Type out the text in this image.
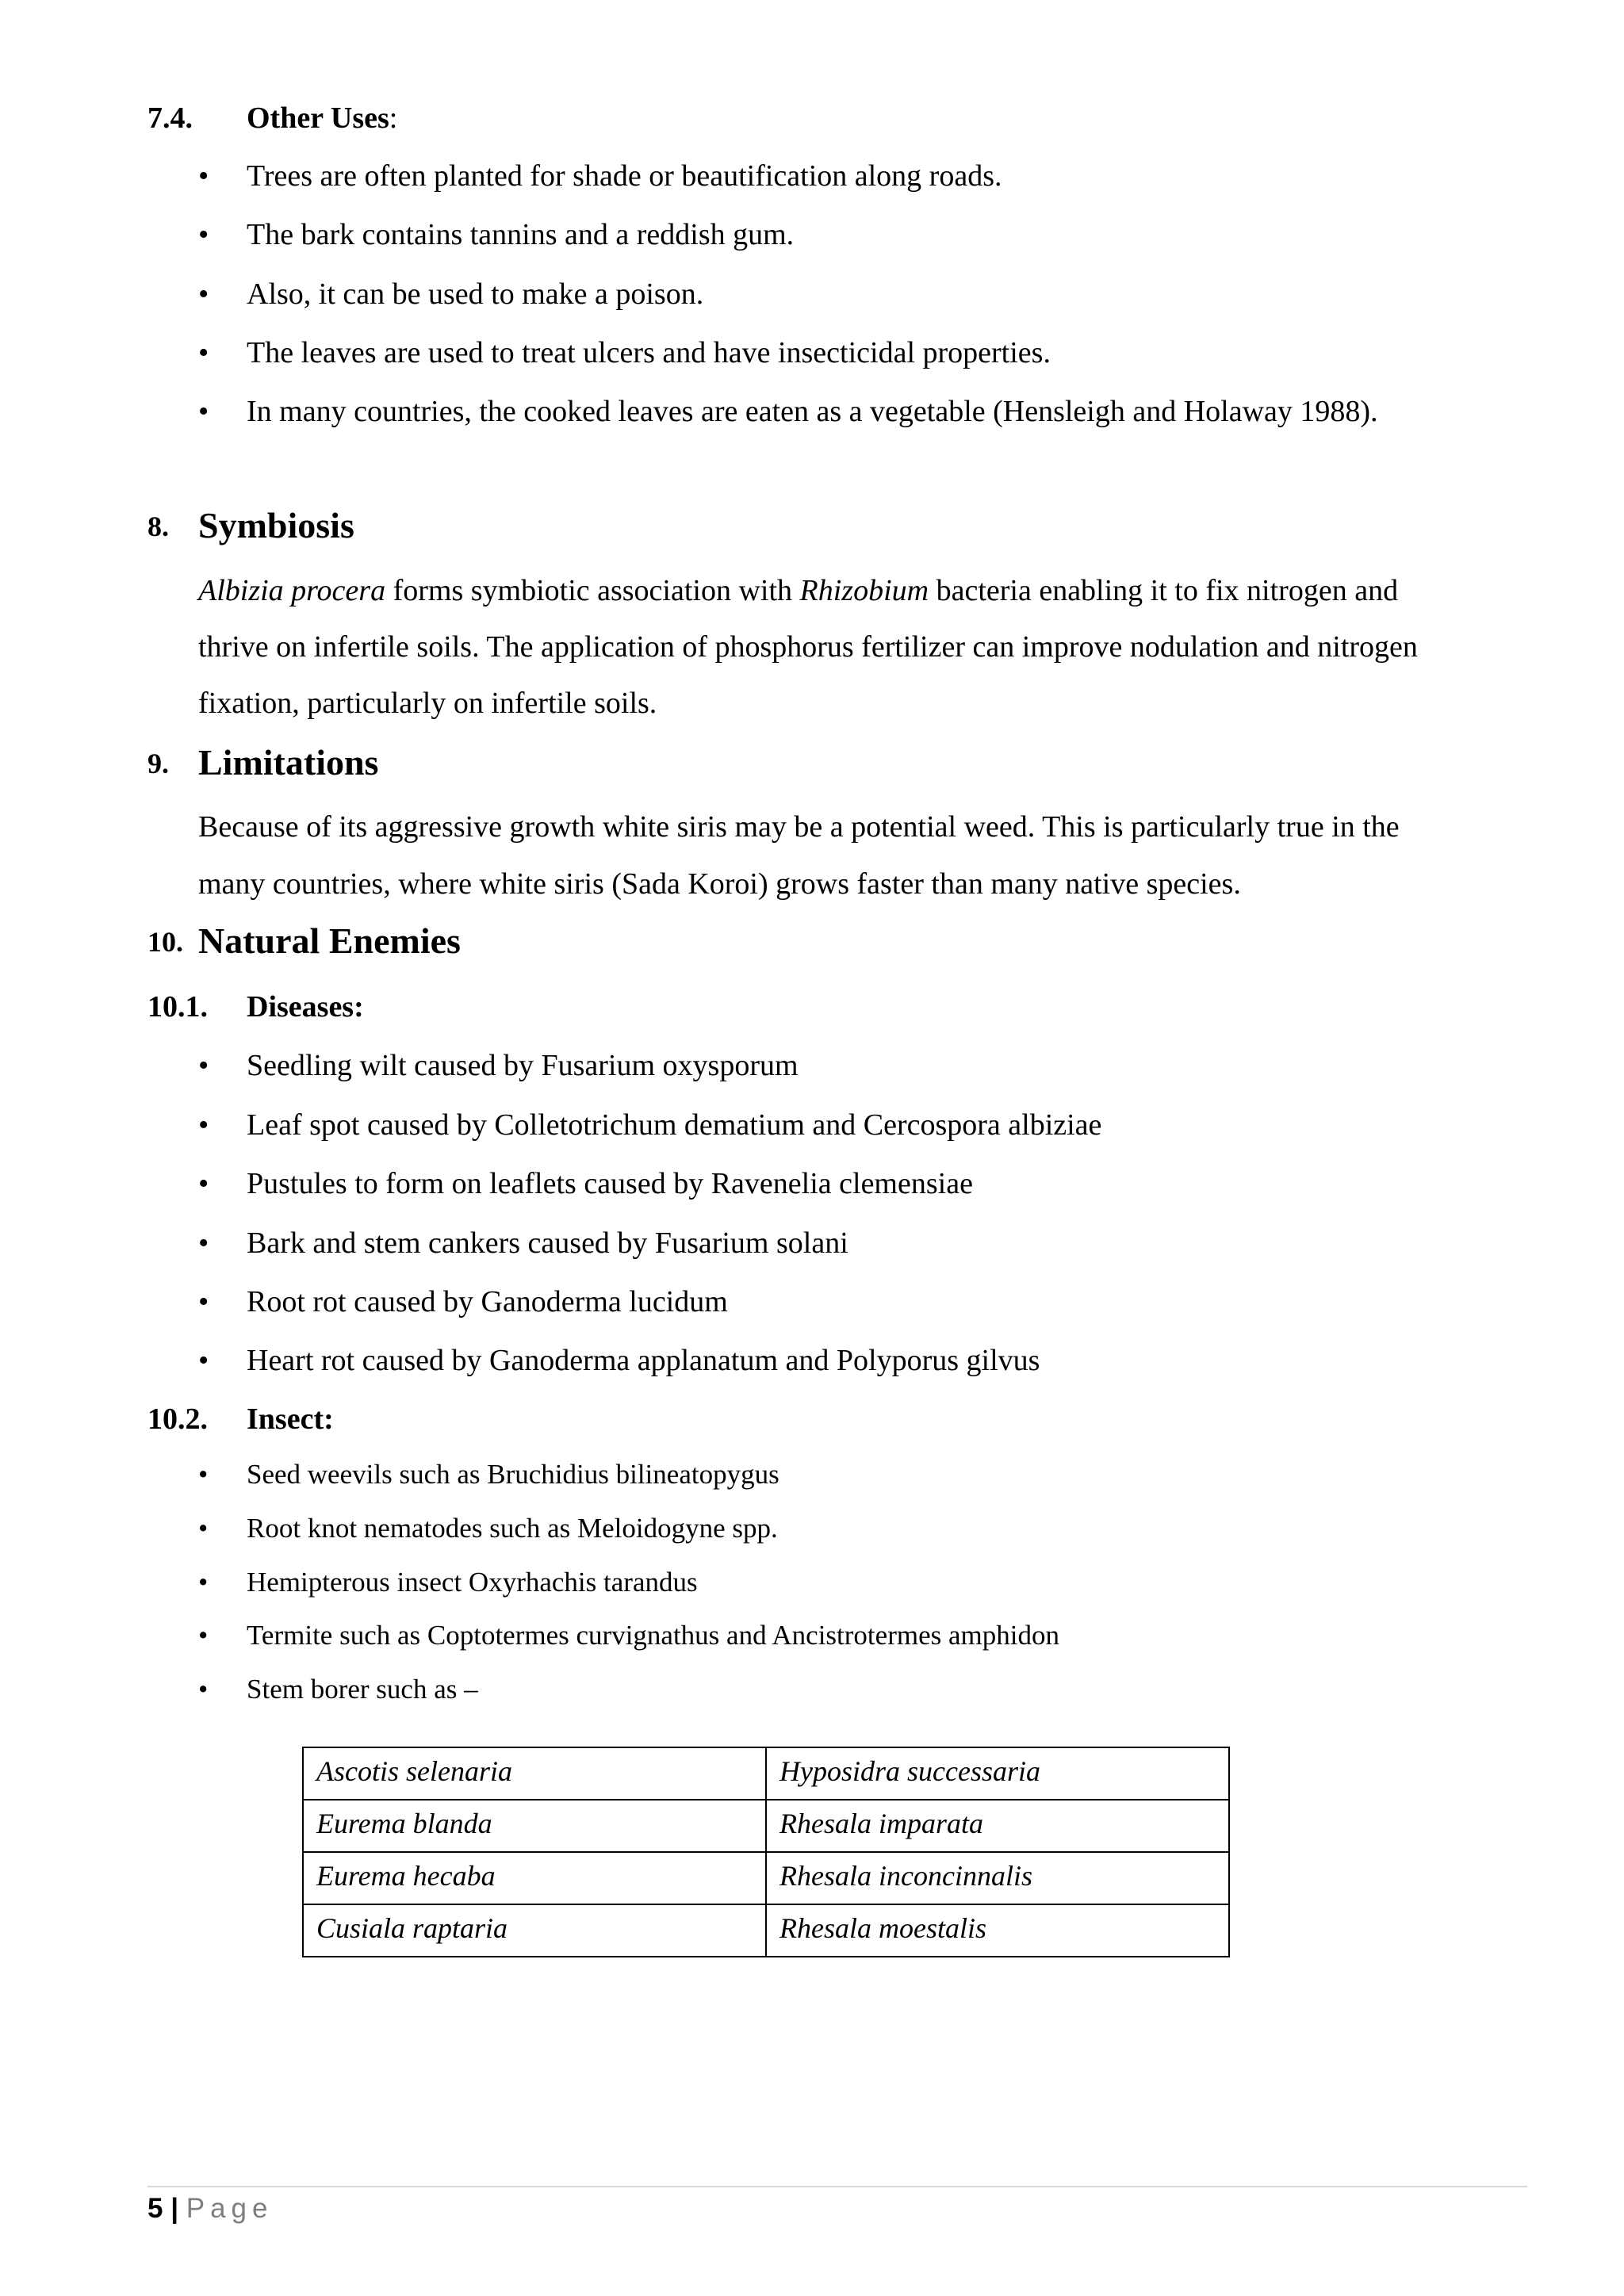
7.4. Other Uses:
• Trees are often planted for shade or beautification along roads.
• The bark contains tannins and a reddish gum.
• Also, it can be used to make a poison.
• The leaves are used to treat ulcers and have insecticidal properties.
• In many countries, the cooked leaves are eaten as a vegetable (Hensleigh and Holaway 1988).
8. Symbiosis
Albizia procera forms symbiotic association with Rhizobium bacteria enabling it to fix nitrogen and
thrive on infertile soils. The application of phosphorus fertilizer can improve nodulation and nitrogen
fixation, particularly on infertile soils.
9. Limitations
Because of its aggressive growth white siris may be a potential weed. This is particularly true in the
many countries, where white siris (Sada Koroi) grows faster than many native species.
10. Natural Enemies
10.1. Diseases:
• Seedling wilt caused by Fusarium oxysporum
• Leaf spot caused by Colletotrichum dematium and Cercospora albiziae
• Pustules to form on leaflets caused by Ravenelia clemensiae
• Bark and stem cankers caused by Fusarium solani
• Root rot caused by Ganoderma lucidum
• Heart rot caused by Ganoderma applanatum and Polyporus gilvus
10.2. Insect:
• Seed weevils such as Bruchidius bilineatopygus
• Root knot nematodes such as Meloidogyne spp.
• Hemipterous insect Oxyrhachis tarandus
• Termite such as Coptotermes curvignathus and Ancistrotermes amphidon
• Stem borer such as –
Ascotis selenaria	Hyposidra successaria
Eurema blanda	Rhesala imparata
Eurema hecaba	Rhesala inconcinnalis
Cusiala raptaria	Rhesala moestalis
5 | Page
